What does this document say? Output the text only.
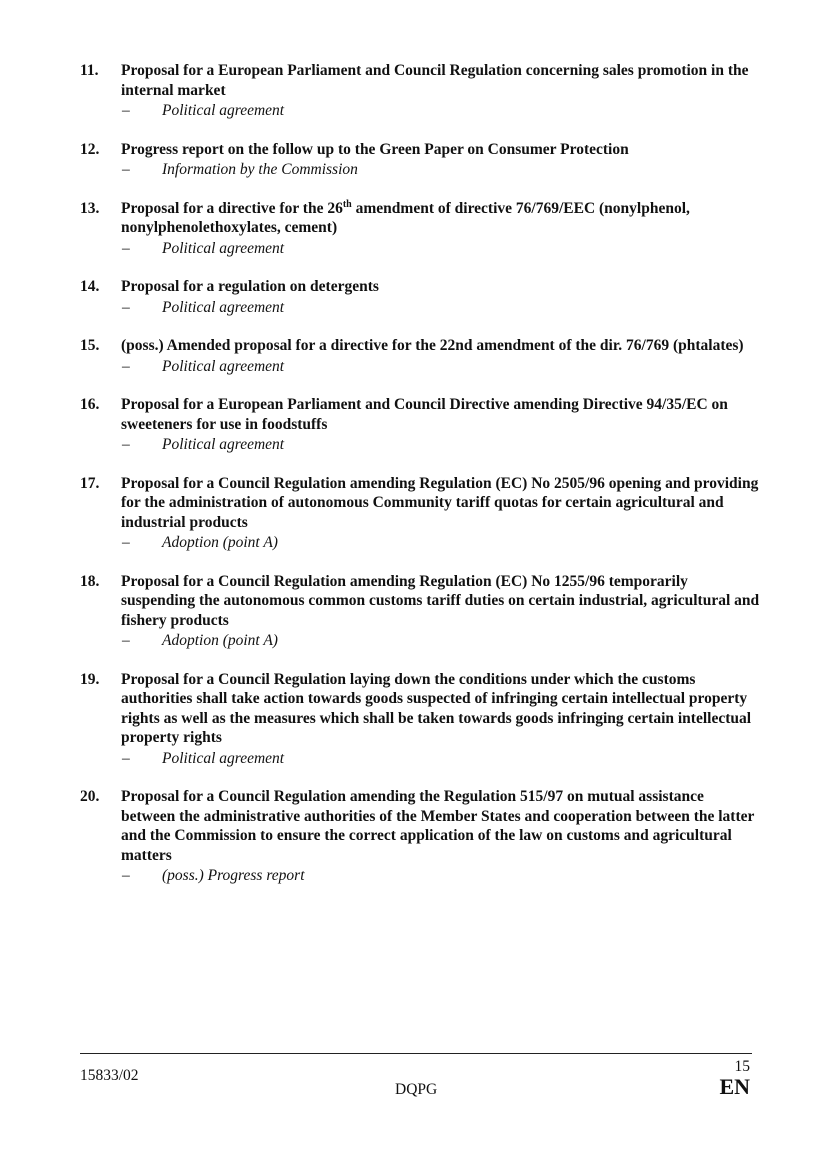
11. Proposal for a European Parliament and Council Regulation concerning sales promotion in the internal market
– Political agreement
12. Progress report on the follow up to the Green Paper on Consumer Protection
– Information by the Commission
13. Proposal for a directive for the 26th amendment of directive 76/769/EEC (nonylphenol, nonylphenolethoxylates, cement)
– Political agreement
14. Proposal for a regulation on detergents
– Political agreement
15. (poss.) Amended proposal for a directive for the 22nd amendment of the dir. 76/769 (phtalates)
– Political agreement
16. Proposal for a European Parliament and Council Directive amending Directive 94/35/EC on sweeteners for use in foodstuffs
– Political agreement
17. Proposal for a Council Regulation amending Regulation (EC) No 2505/96 opening and providing for the administration of autonomous Community tariff quotas for certain agricultural and industrial products
– Adoption (point A)
18. Proposal for a Council Regulation amending Regulation (EC) No 1255/96 temporarily suspending the autonomous common customs tariff duties on certain industrial, agricultural and fishery products
– Adoption (point A)
19. Proposal for a Council Regulation laying down the conditions under which the customs authorities shall take action towards goods suspected of infringing certain intellectual property rights as well as the measures which shall be taken towards goods infringing certain intellectual property rights
– Political agreement
20. Proposal for a Council Regulation amending the Regulation 515/97 on mutual assistance between the administrative authorities of the Member States and cooperation between the latter and the Commission to ensure the correct application of the law on customs and agricultural matters
– (poss.) Progress report
15833/02
DQPG
15
EN
